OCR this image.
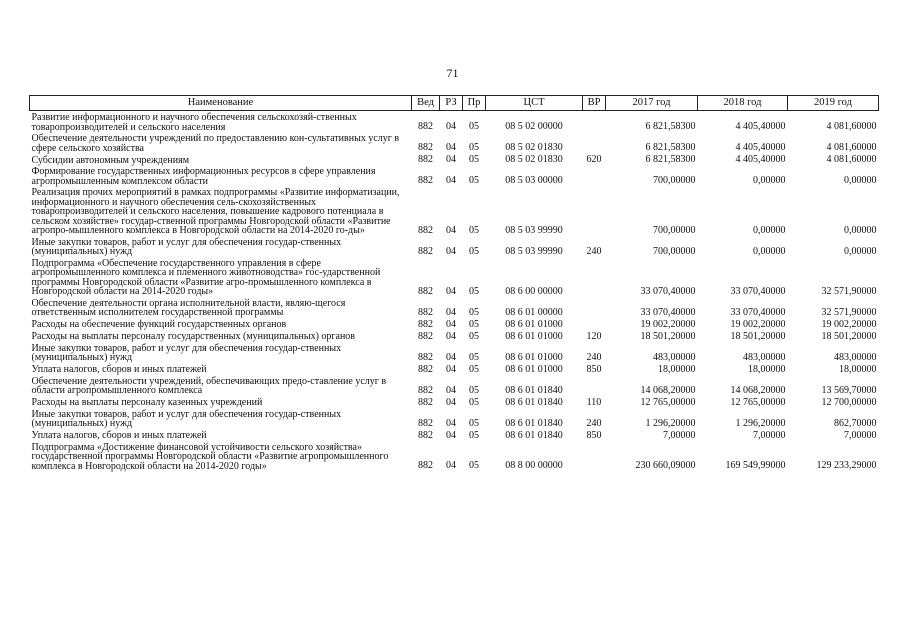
71
Наименование	Вед	РЗ	Пр	ЦСТ	ВР	2017 год	2018 год	2019 год
Развитие информационного и научного обеспечения сельскохозяй-ственных товаропроизводителей и сельского населения	882	04	05	08 5 02 00000		6 821,58300	4 405,40000	4 081,60000
Обеспечение деятельности учреждений по предоставлению кон-сультативных услуг в сфере сельского хозяйства	882	04	05	08 5 02 01830		6 821,58300	4 405,40000	4 081,60000
Субсидии автономным учреждениям	882	04	05	08 5 02 01830	620	6 821,58300	4 405,40000	4 081,60000
Формирование государственных информационных ресурсов в сфере управления агропромышленным комплексом области	882	04	05	08 5 03 00000		700,00000	0,00000	0,00000
Реализация прочих мероприятий в рамках подпрограммы «Развитие информатизации, информационного и научного обеспечения сель-скохозяйственных товаропроизводителей и сельского населения, повышение кадрового потенциала в сельском хозяйстве» государ-ственной программы Новгородской области «Развитие агропро-мышленного комплекса в Новгородской области на 2014-2020 го-ды»	882	04	05	08 5 03 99990		700,00000	0,00000	0,00000
Иные закупки товаров, работ и услуг для обеспечения государ-ственных (муниципальных) нужд	882	04	05	08 5 03 99990	240	700,00000	0,00000	0,00000
Подпрограмма «Обеспечение государственного управления в сфере агропромышленного комплекса и племенного животноводства» гос-ударственной программы Новгородской области «Развитие агро-промышленного комплекса в Новгородской области на 2014-2020 годы»	882	04	05	08 6 00 00000		33 070,40000	33 070,40000	32 571,90000
Обеспечение деятельности органа исполнительной власти, являю-щегося ответственным исполнителем государственной программы	882	04	05	08 6 01 00000		33 070,40000	33 070,40000	32 571,90000
Расходы на обеспечение функций государственных органов	882	04	05	08 6 01 01000		19 002,20000	19 002,20000	19 002,20000
Расходы на выплаты персоналу государственных (муниципальных) органов	882	04	05	08 6 01 01000	120	18 501,20000	18 501,20000	18 501,20000
Иные закупки товаров, работ и услуг для обеспечения государ-ственных (муниципальных) нужд	882	04	05	08 6 01 01000	240	483,00000	483,00000	483,00000
Уплата налогов, сборов и иных платежей	882	04	05	08 6 01 01000	850	18,00000	18,00000	18,00000
Обеспечение деятельности учреждений, обеспечивающих предо-ставление услуг в области агропромышленного комплекса	882	04	05	08 6 01 01840		14 068,20000	14 068,20000	13 569,70000
Расходы на выплаты персоналу казенных учреждений	882	04	05	08 6 01 01840	110	12 765,00000	12 765,00000	12 700,00000
Иные закупки товаров, работ и услуг для обеспечения государ-ственных (муниципальных) нужд	882	04	05	08 6 01 01840	240	1 296,20000	1 296,20000	862,70000
Уплата налогов, сборов и иных платежей	882	04	05	08 6 01 01840	850	7,00000	7,00000	7,00000
Подпрограмма «Достижение финансовой устойчивости сельского хозяйства» государственной программы Новгородской области «Развитие агропромышленного комплекса в Новгородской области на 2014-2020 годы»	882	04	05	08 8 00 00000		230 660,09000	169 549,99000	129 233,29000
